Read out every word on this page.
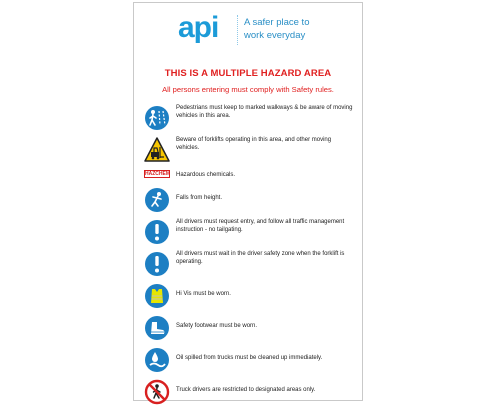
api	A safer place to
work everyday
THIS IS A MULTIPLE HAZARD AREA
All persons entering must comply with Safety rules.
Pedestrians must keep to marked walkways & be aware of moving vehicles in this area.
Beware of forklifts operating in this area, and other moving vehicles.
HAZCHEM Hazardous chemicals.
Falls from height.
All drivers must request entry, and follow all traffic management instruction - no tailgating.
All drivers must wait in the driver safety zone when the forklift is operating.
Hi Vis must be worn.
Safety footwear must be worn.
Oil spilled from trucks must be cleaned up immediately.
Truck drivers are restricted to designated areas only.
